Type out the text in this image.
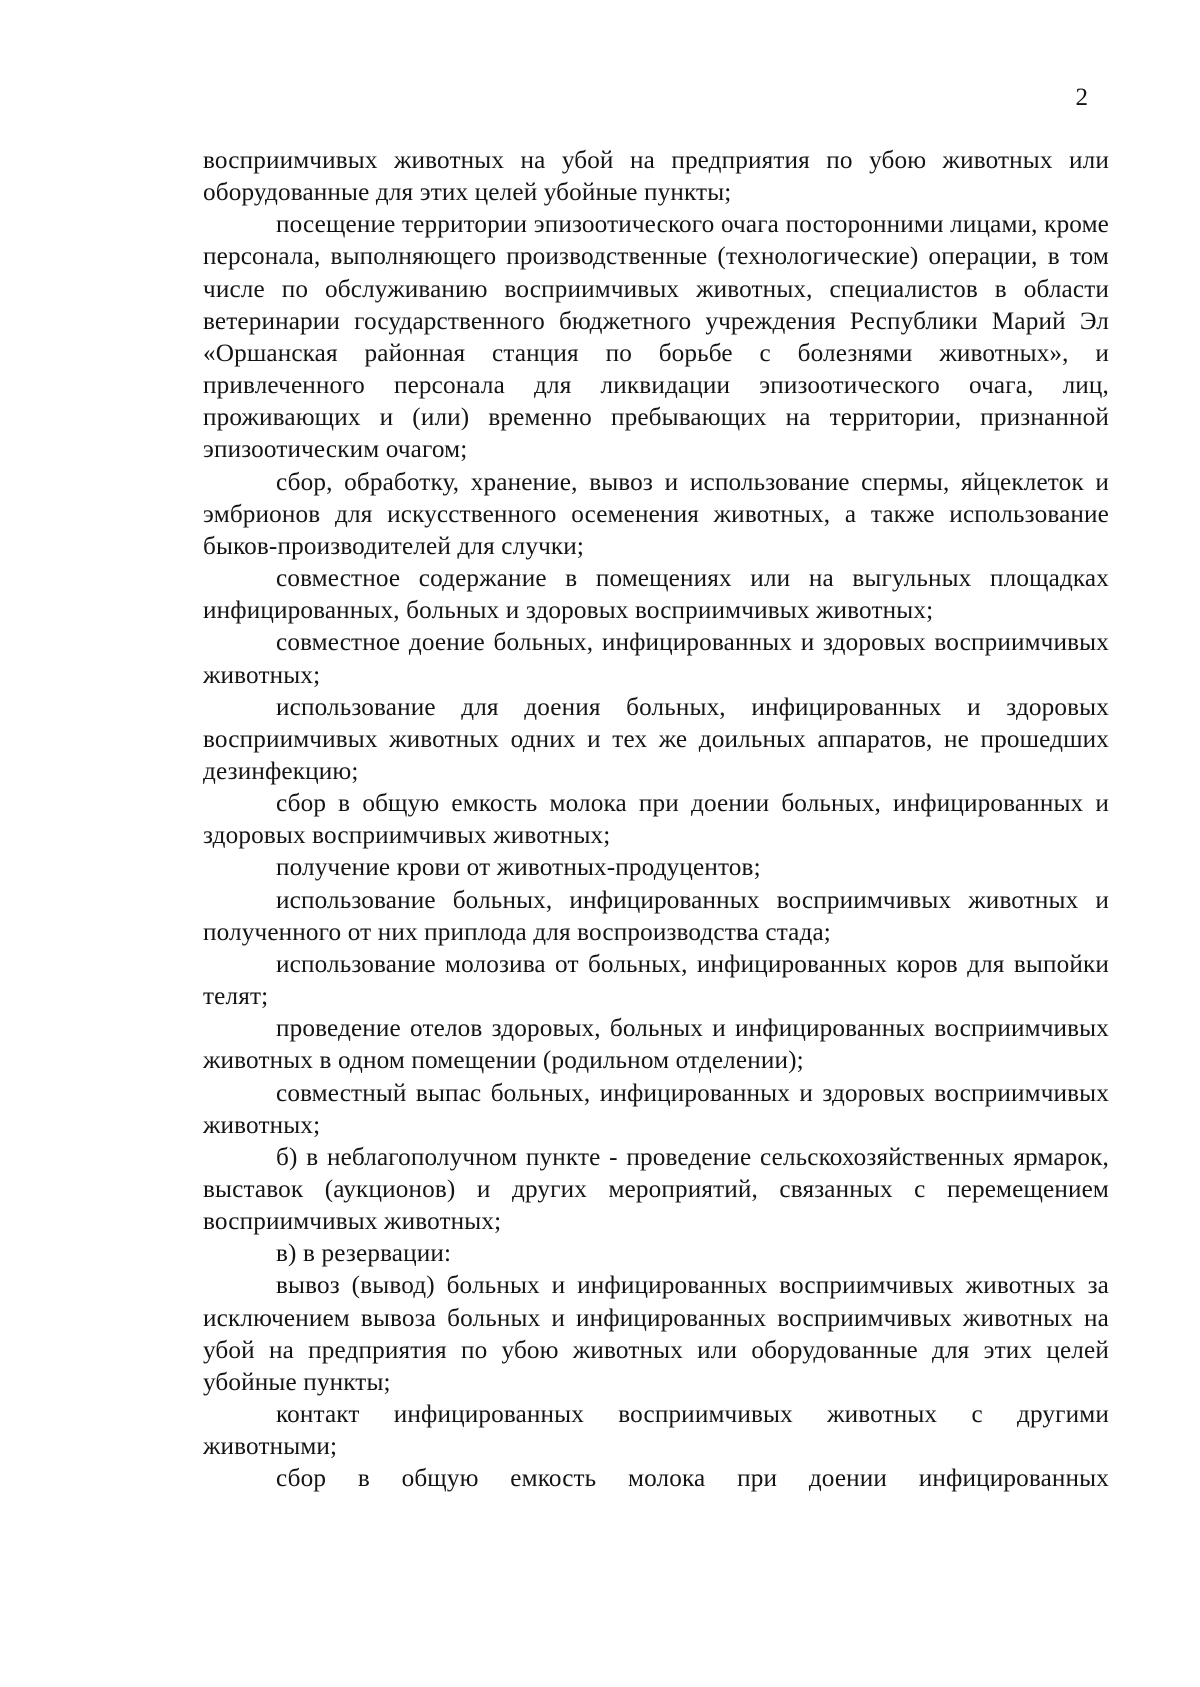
2

восприимчивых животных на убой на предприятия по убою животных или оборудованные для этих целей убойные пункты;

посещение территории эпизоотического очага посторонними лицами, кроме персонала, выполняющего производственные (технологические) операции, в том числе по обслуживанию восприимчивых животных, специалистов в области ветеринарии государственного бюджетного учреждения Республики Марий Эл «Оршанская районная станция по борьбе с болезнями животных», и привлеченного персонала для ликвидации эпизоотического очага, лиц, проживающих и (или) временно пребывающих на территории, признанной эпизоотическим очагом;

сбор, обработку, хранение, вывоз и использование спермы, яйцеклеток и эмбрионов для искусственного осеменения животных, а также использование быков-производителей для случки;

совместное содержание в помещениях или на выгульных площадках инфицированных, больных и здоровых восприимчивых животных;

совместное доение больных, инфицированных и здоровых восприимчивых животных;

использование для доения больных, инфицированных и здоровых восприимчивых животных одних и тех же доильных аппаратов, не прошедших дезинфекцию;

сбор в общую емкость молока при доении больных, инфицированных и здоровых восприимчивых животных;

получение крови от животных-продуцентов;

использование больных, инфицированных восприимчивых животных и полученного от них приплода для воспроизводства стада;

использование молозива от больных, инфицированных коров для выпойки телят;

проведение отелов здоровых, больных и инфицированных восприимчивых животных в одном помещении (родильном отделении);

совместный выпас больных, инфицированных и здоровых восприимчивых животных;

б) в неблагополучном пункте - проведение сельскохозяйственных ярмарок, выставок (аукционов) и других мероприятий, связанных с перемещением восприимчивых животных;

в) в резервации:

вывоз (вывод) больных и инфицированных восприимчивых животных за исключением вывоза больных и инфицированных восприимчивых животных на убой на предприятия по убою животных или оборудованные для этих целей убойные пункты;

контакт инфицированных восприимчивых животных с другими животными;

сбор в общую емкость молока при доении инфицированных
